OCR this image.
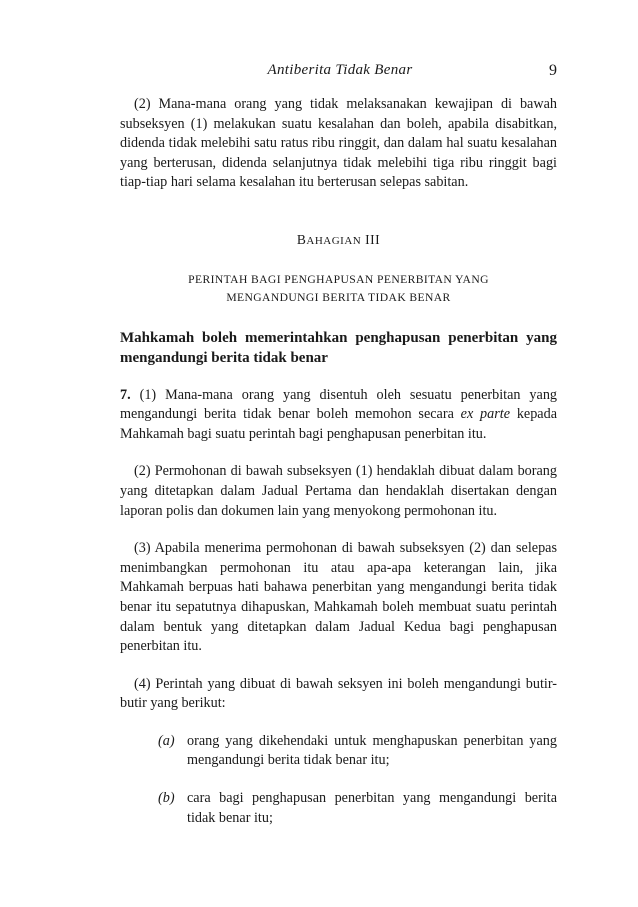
Antiberita Tidak Benar	9

(2) Mana-mana orang yang tidak melaksanakan kewajipan di bawah subseksyen (1) melakukan suatu kesalahan dan boleh, apabila disabitkan, didenda tidak melebihi satu ratus ribu ringgit, dan dalam hal suatu kesalahan yang berterusan, didenda selanjutnya tidak melebihi tiga ribu ringgit bagi tiap-tiap hari selama kesalahan itu berterusan selepas sabitan.

BAHAGIAN III
PERINTAH BAGI PENGHAPUSAN PENERBITAN YANG
MENGANDUNGI BERITA TIDAK BENAR
Mahkamah boleh memerintahkan penghapusan penerbitan yang mengandungi berita tidak benar

7. (1) Mana-mana orang yang disentuh oleh sesuatu penerbitan yang mengandungi berita tidak benar boleh memohon secara ex parte kepada Mahkamah bagi suatu perintah bagi penghapusan penerbitan itu.

(2) Permohonan di bawah subseksyen (1) hendaklah dibuat dalam borang yang ditetapkan dalam Jadual Pertama dan hendaklah disertakan dengan laporan polis dan dokumen lain yang menyokong permohonan itu.

(3) Apabila menerima permohonan di bawah subseksyen (2) dan selepas menimbangkan permohonan itu atau apa-apa keterangan lain, jika Mahkamah berpuas hati bahawa penerbitan yang mengandungi berita tidak benar itu sepatutnya dihapuskan, Mahkamah boleh membuat suatu perintah dalam bentuk yang ditetapkan dalam Jadual Kedua bagi penghapusan penerbitan itu.

(4) Perintah yang dibuat di bawah seksyen ini boleh mengandungi butir-butir yang berikut:

(a) orang yang dikehendaki untuk menghapuskan penerbitan yang mengandungi berita tidak benar itu;
(b) cara bagi penghapusan penerbitan yang mengandungi berita tidak benar itu;
